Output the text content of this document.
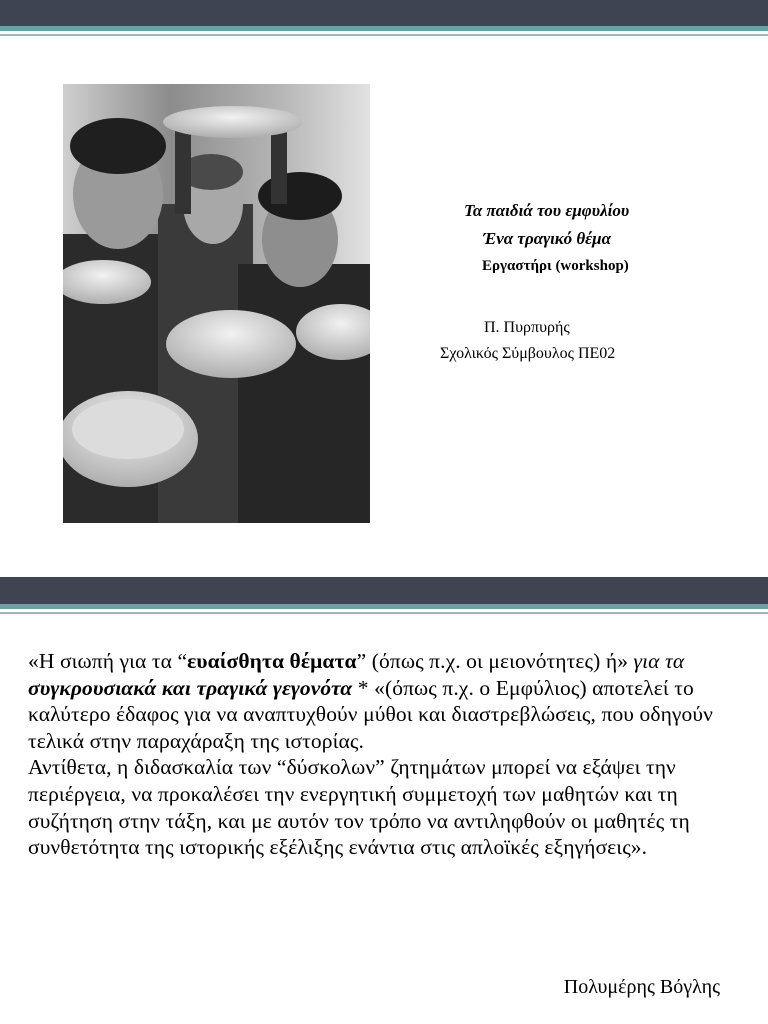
Τα παιδιά του εμφυλίου
Ένα τραγικό θέμα
Εργαστήρι (workshop)
Π. Πυρπυρής
Σχολικός Σύμβουλος ΠΕ02

«Η σιωπή για τα “ευαίσθητα θέματα” (όπως π.χ. οι μειονότητες) ή» για τα συγκρουσιακά και τραγικά γεγονότα * «(όπως π.χ. ο Εμφύλιος) αποτελεί το καλύτερο έδαφος για να αναπτυχθούν μύθοι και διαστρεβλώσεις, που οδηγούν τελικά στην παραχάραξη της ιστορίας.

Αντίθετα, η διδασκαλία των “δύσκολων” ζητημάτων μπορεί να εξάψει την περιέργεια, να προκαλέσει την ενεργητική συμμετοχή των μαθητών και τη συζήτηση στην τάξη, και με αυτόν τον τρόπο να αντιληφθούν οι μαθητές τη συνθετότητα της ιστορικής εξέλιξης ενάντια στις απλοϊκές εξηγήσεις».

Πολυμέρης Βόγλης
